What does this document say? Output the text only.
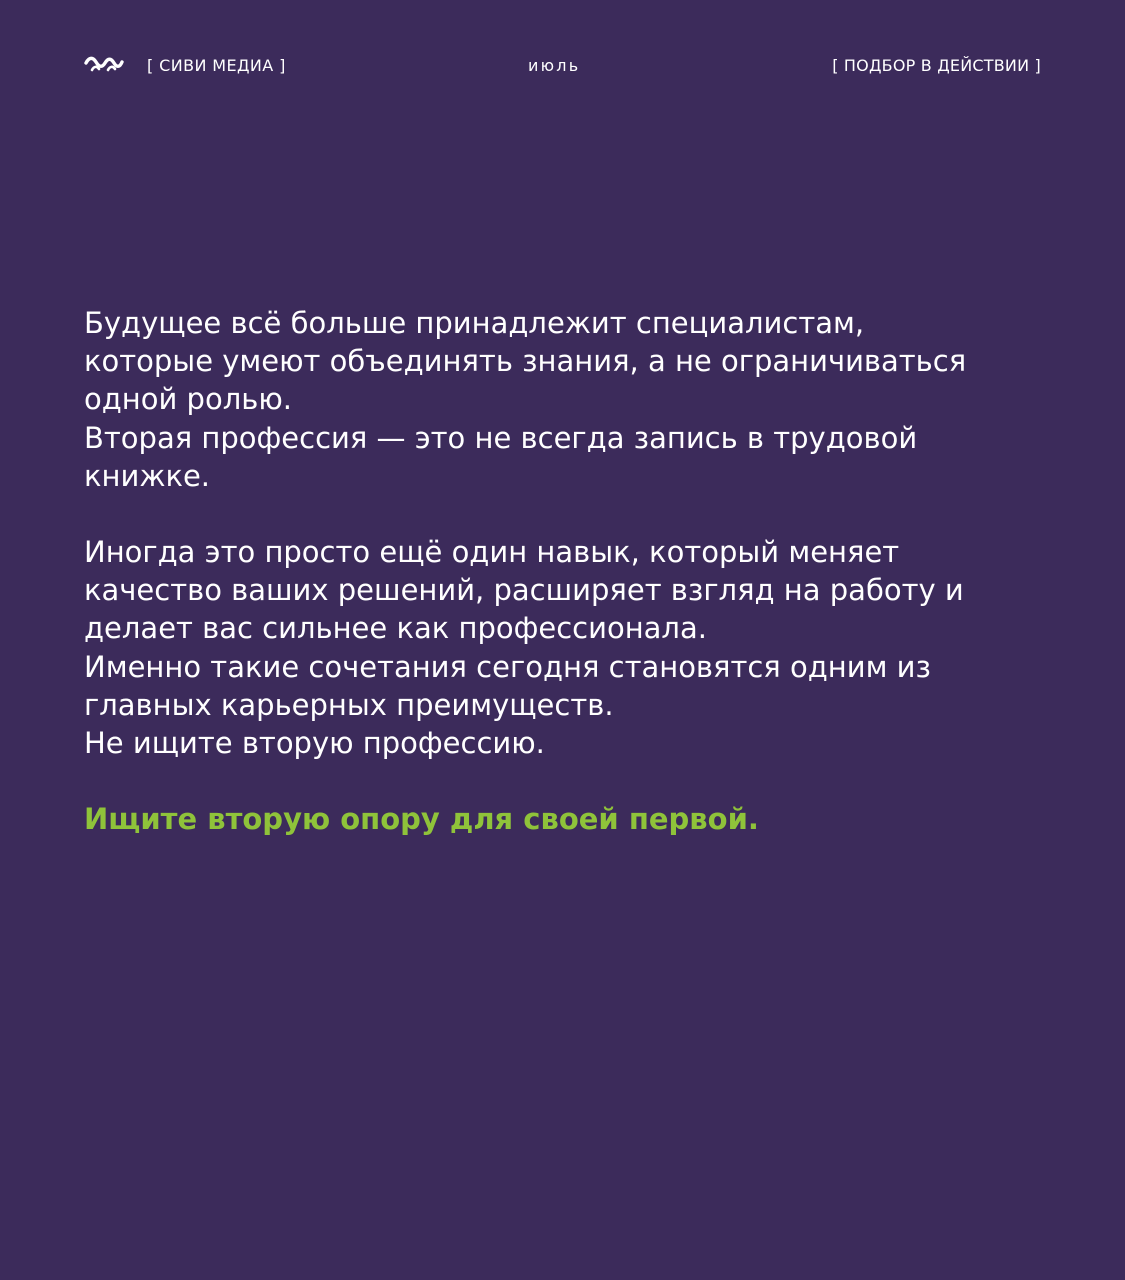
[ СИВИ МЕДИА ]	июль	[ ПОДБОР В ДЕЙСТВИИ ]

Будущее всё больше принадлежит специалистам,
которые умеют объединять знания, а не ограничиваться
одной ролью.
Вторая профессия — это не всегда запись в трудовой
книжке.

Иногда это просто ещё один навык, который меняет
качество ваших решений, расширяет взгляд на работу и
делает вас сильнее как профессионала.
Именно такие сочетания сегодня становятся одним из
главных карьерных преимуществ.
Не ищите вторую профессию.

Ищите вторую опору для своей первой.
